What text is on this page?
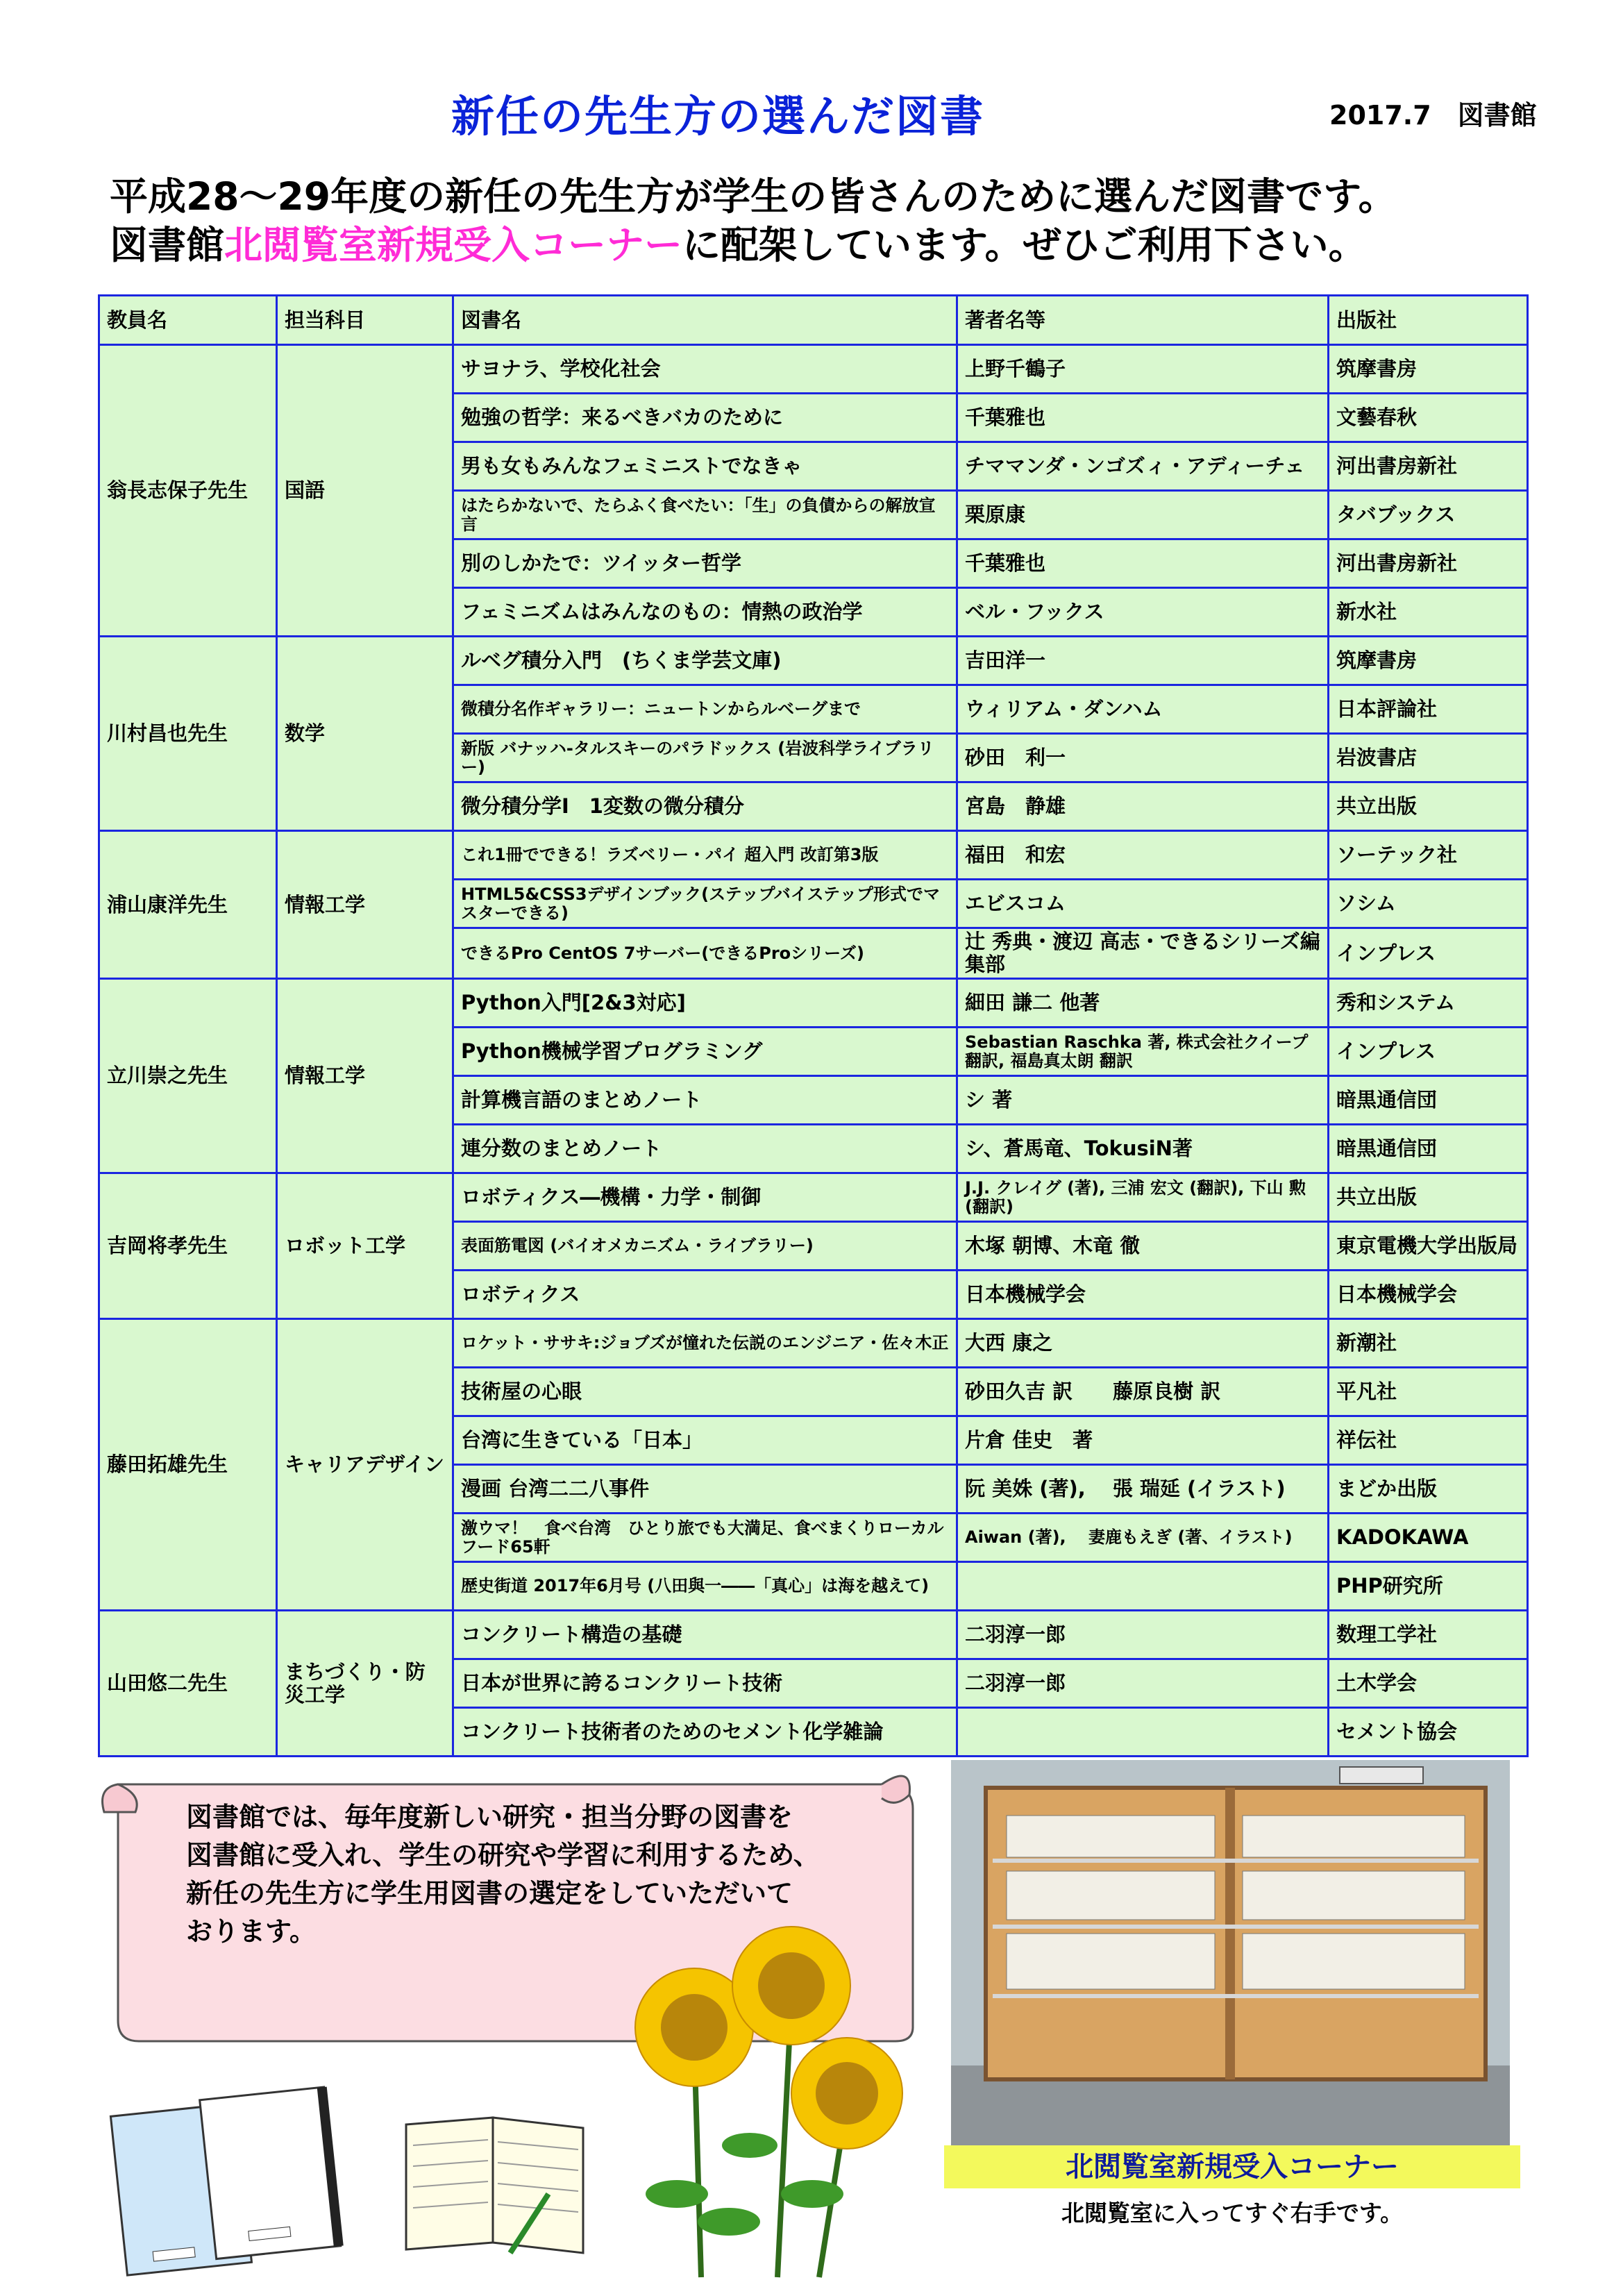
新任の先生方の選んだ図書	2017.7　図書館
平成28～29年度の新任の先生方が学生の皆さんのために選んだ図書です。
図書館北閲覧室新規受入コーナーに配架しています。ぜひご利用下さい。
教員名	担当科目	図書名	著者名等	出版社
翁長志保子先生	国語	サヨナラ、学校化社会	上野千鶴子	筑摩書房
		勉強の哲学：来るべきバカのために	千葉雅也	文藝春秋
		男も女もみんなフェミニストでなきゃ	チママンダ・ンゴズィ・アディーチェ	河出書房新社
		はたらかないで、たらふく食べたい：「生」の負債からの解放宣言	栗原康	タバブックス
		別のしかたで：ツイッター哲学	千葉雅也	河出書房新社
		フェミニズムはみんなのもの：情熱の政治学	ベル・フックス	新水社
川村昌也先生	数学	ルベグ積分入門　(ちくま学芸文庫)	吉田洋一	筑摩書房
		微積分名作ギャラリー：ニュートンからルベーグまで	ウィリアム・ダンハム	日本評論社
		新版 バナッハ-タルスキーのパラドックス (岩波科学ライブラリー)	砂田　利一	岩波書店
		微分積分学Ⅰ　1変数の微分積分	宮島　静雄	共立出版
浦山康洋先生	情報工学	これ1冊でできる！ラズベリー・パイ 超入門 改訂第3版	福田　和宏	ソーテック社
		HTML5&CSS3デザインブック(ステップバイステップ形式でマスターできる)	エビスコム	ソシム
		できるPro CentOS 7サーバー(できるProシリーズ)	辻 秀典・渡辺 高志・できるシリーズ編集部	インプレス
立川崇之先生	情報工学	Python入門[2&3対応]	細田 謙二 他著	秀和システム
		Python機械学習プログラミング	Sebastian Raschka 著, 株式会社クイープ 翻訳, 福島真太朗 翻訳	インプレス
		計算機言語のまとめノート	シ 著	暗黒通信団
		連分数のまとめノート	シ、蒼馬竜、TokusiN著	暗黒通信団
吉岡将孝先生	ロボット工学	ロボティクス―機構・力学・制御	J.J. クレイグ (著), 三浦 宏文 (翻訳), 下山 勲 (翻訳)	共立出版
		表面筋電図 (バイオメカニズム・ライブラリー)	木塚 朝博、木竜 徹	東京電機大学出版局
		ロボティクス	日本機械学会	日本機械学会
藤田拓雄先生	キャリアデザイン	ロケット・ササキ:ジョブズが憧れた伝説のエンジニア・佐々木正	大西 康之	新潮社
		技術屋の心眼	砂田久吉 訳　　藤原良樹 訳	平凡社
		台湾に生きている「日本」	片倉 佳史　著	祥伝社
		漫画 台湾二二八事件	阮 美姝 (著),　 張 瑞延 (イラスト)	まどか出版
		激ウマ！　食べ台湾　ひとり旅でも大満足、食べまくりローカルフード65軒	Aiwan (著),　 妻鹿もえぎ (著、イラスト)	KADOKAWA
		歴史街道 2017年6月号 (八田與一――「真心」は海を越えて)		PHP研究所
山田悠二先生	まちづくり・防災工学	コンクリート構造の基礎	二羽淳一郎	数理工学社
		日本が世界に誇るコンクリート技術	二羽淳一郎	土木学会
		コンクリート技術者のためのセメント化学雑論		セメント協会
図書館では、毎年度新しい研究・担当分野の図書を
図書館に受入れ、学生の研究や学習に利用するため、
新任の先生方に学生用図書の選定をしていただいて
おります。
北閲覧室新規受入コーナー
北閲覧室に入ってすぐ右手です。
